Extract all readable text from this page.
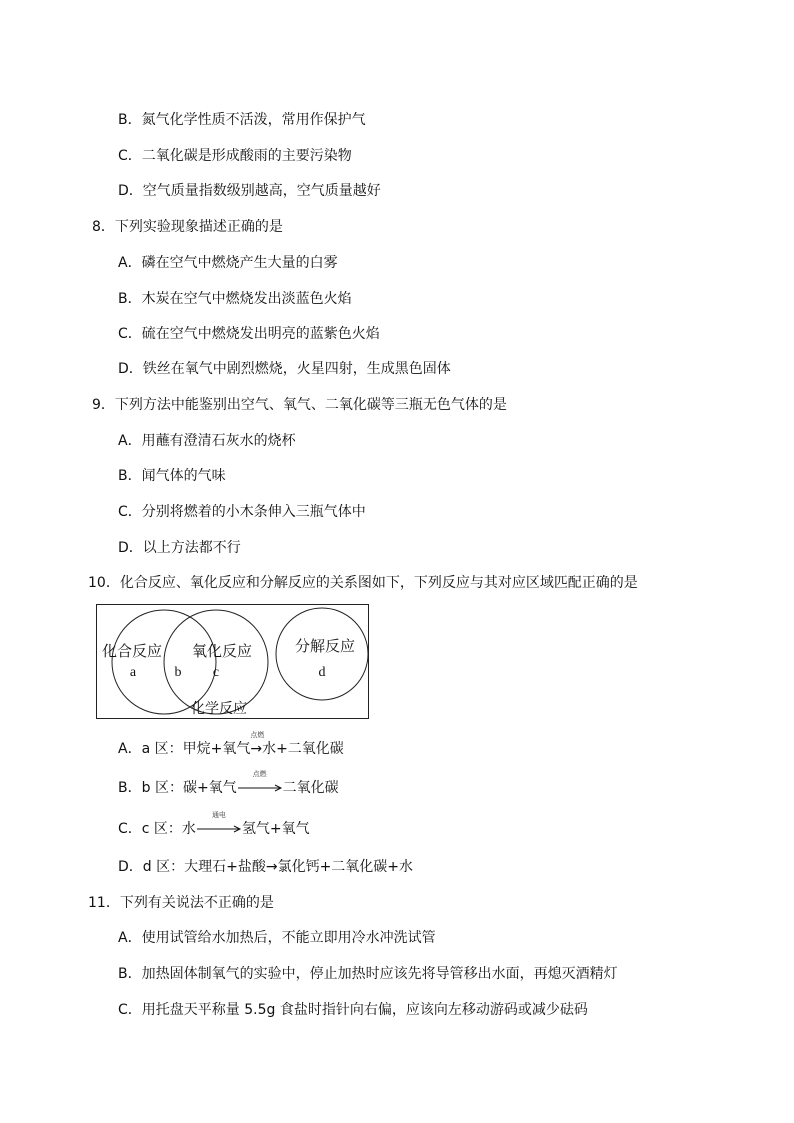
B．氮气化学性质不活泼，常用作保护气
C．二氧化碳是形成酸雨的主要污染物
D．空气质量指数级别越高，空气质量越好
8．下列实验现象描述正确的是
A．磷在空气中燃烧产生大量的白雾
B．木炭在空气中燃烧发出淡蓝色火焰
C．硫在空气中燃烧发出明亮的蓝紫色火焰
D．铁丝在氧气中剧烈燃烧，火星四射，生成黑色固体
9．下列方法中能鉴别出空气、氧气、二氧化碳等三瓶无色气体的是
A．用蘸有澄清石灰水的烧杯
B．闻气体的气味
C．分别将燃着的小木条伸入三瓶气体中
D．以上方法都不行
10．化合反应、氧化反应和分解反应的关系图如下，下列反应与其对应区域匹配正确的是
化合反应
a	b
氧化反应
c
分解反应
d
化学反应
A．a 区：甲烷+氧气
点燃
→水+二氧化碳
B．b 区：碳+氧气
点燃
二氧化碳
C．c 区：水
通电
氢气+氧气
D．d 区：大理石+盐酸→氯化钙+二氧化碳+水
11．下列有关说法不正确的是
A．使用试管给水加热后，不能立即用冷水冲洗试管
B．加热固体制氧气的实验中，停止加热时应该先将导管移出水面，再熄灭酒精灯
C．用托盘天平称量 5.5g 食盐时指针向右偏，应该向左移动游码或减少砝码
